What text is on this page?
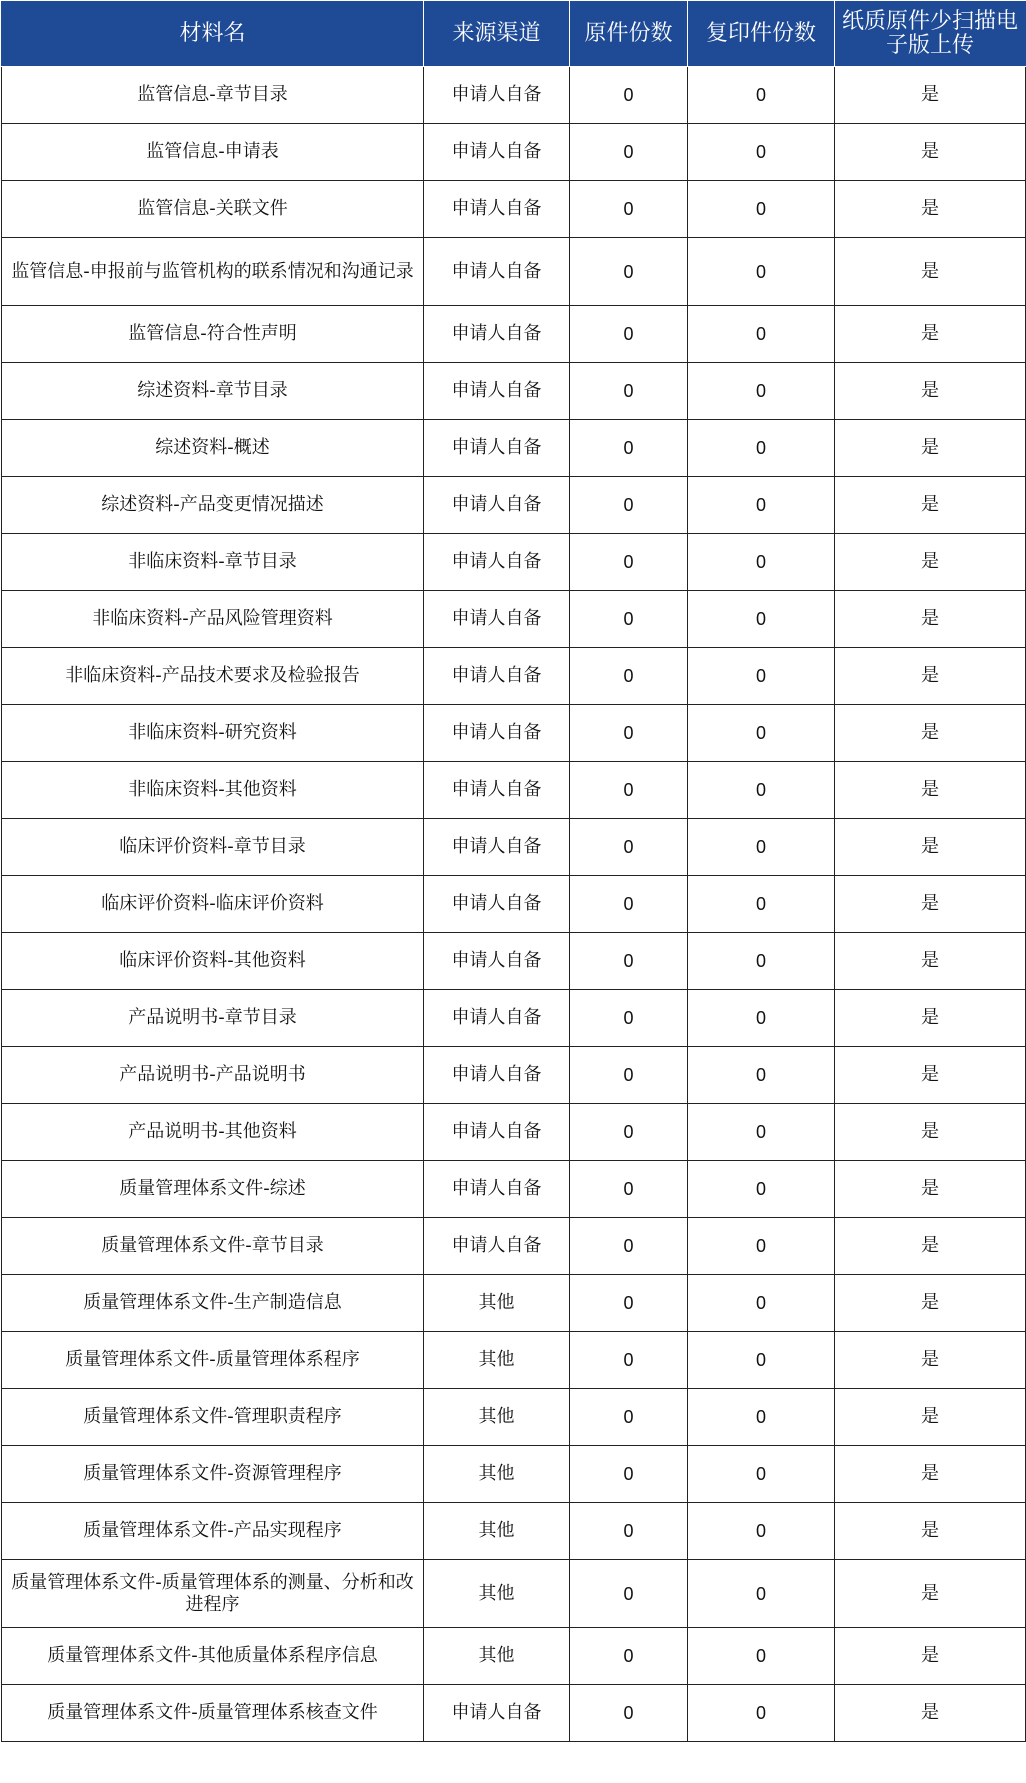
材料名	来源渠道	原件份数	复印件份数	纸质原件少扫描电子版上传
监管信息-章节目录	申请人自备	0	0	是
监管信息-申请表	申请人自备	0	0	是
监管信息-关联文件	申请人自备	0	0	是
监管信息-申报前与监管机构的联系情况和沟通记录	申请人自备	0	0	是
监管信息-符合性声明	申请人自备	0	0	是
综述资料-章节目录	申请人自备	0	0	是
综述资料-概述	申请人自备	0	0	是
综述资料-产品变更情况描述	申请人自备	0	0	是
非临床资料-章节目录	申请人自备	0	0	是
非临床资料-产品风险管理资料	申请人自备	0	0	是
非临床资料-产品技术要求及检验报告	申请人自备	0	0	是
非临床资料-研究资料	申请人自备	0	0	是
非临床资料-其他资料	申请人自备	0	0	是
临床评价资料-章节目录	申请人自备	0	0	是
临床评价资料-临床评价资料	申请人自备	0	0	是
临床评价资料-其他资料	申请人自备	0	0	是
产品说明书-章节目录	申请人自备	0	0	是
产品说明书-产品说明书	申请人自备	0	0	是
产品说明书-其他资料	申请人自备	0	0	是
质量管理体系文件-综述	申请人自备	0	0	是
质量管理体系文件-章节目录	申请人自备	0	0	是
质量管理体系文件-生产制造信息	其他	0	0	是
质量管理体系文件-质量管理体系程序	其他	0	0	是
质量管理体系文件-管理职责程序	其他	0	0	是
质量管理体系文件-资源管理程序	其他	0	0	是
质量管理体系文件-产品实现程序	其他	0	0	是
质量管理体系文件-质量管理体系的测量、分析和改进程序	其他	0	0	是
质量管理体系文件-其他质量体系程序信息	其他	0	0	是
质量管理体系文件-质量管理体系核查文件	申请人自备	0	0	是
